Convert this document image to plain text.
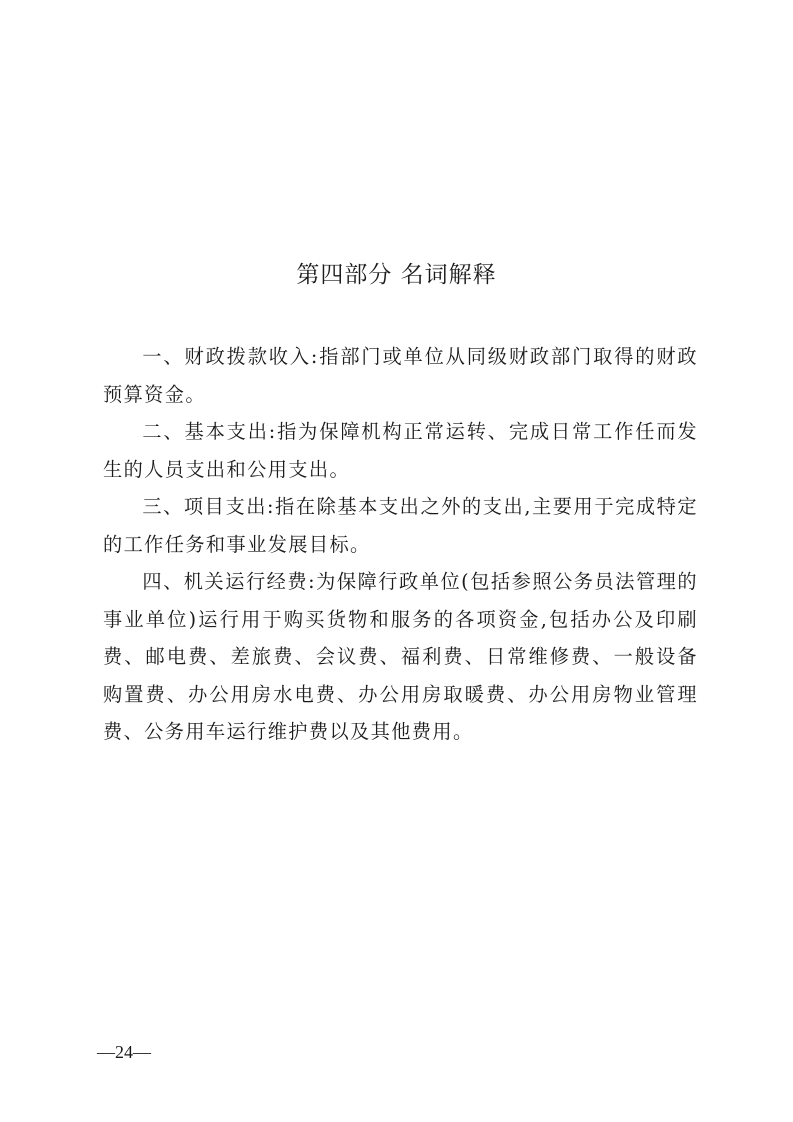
第四部分 名词解释

一、财政拨款收入:指部门或单位从同级财政部门取得的财政预算资金。

二、基本支出:指为保障机构正常运转、完成日常工作任而发生的人员支出和公用支出。

三、项目支出:指在除基本支出之外的支出,主要用于完成特定的工作任务和事业发展目标。

四、机关运行经费:为保障行政单位(包括参照公务员法管理的事业单位)运行用于购买货物和服务的各项资金,包括办公及印刷费、邮电费、差旅费、会议费、福利费、日常维修费、一般设备购置费、办公用房水电费、办公用房取暖费、办公用房物业管理费、公务用车运行维护费以及其他费用。

—24—
